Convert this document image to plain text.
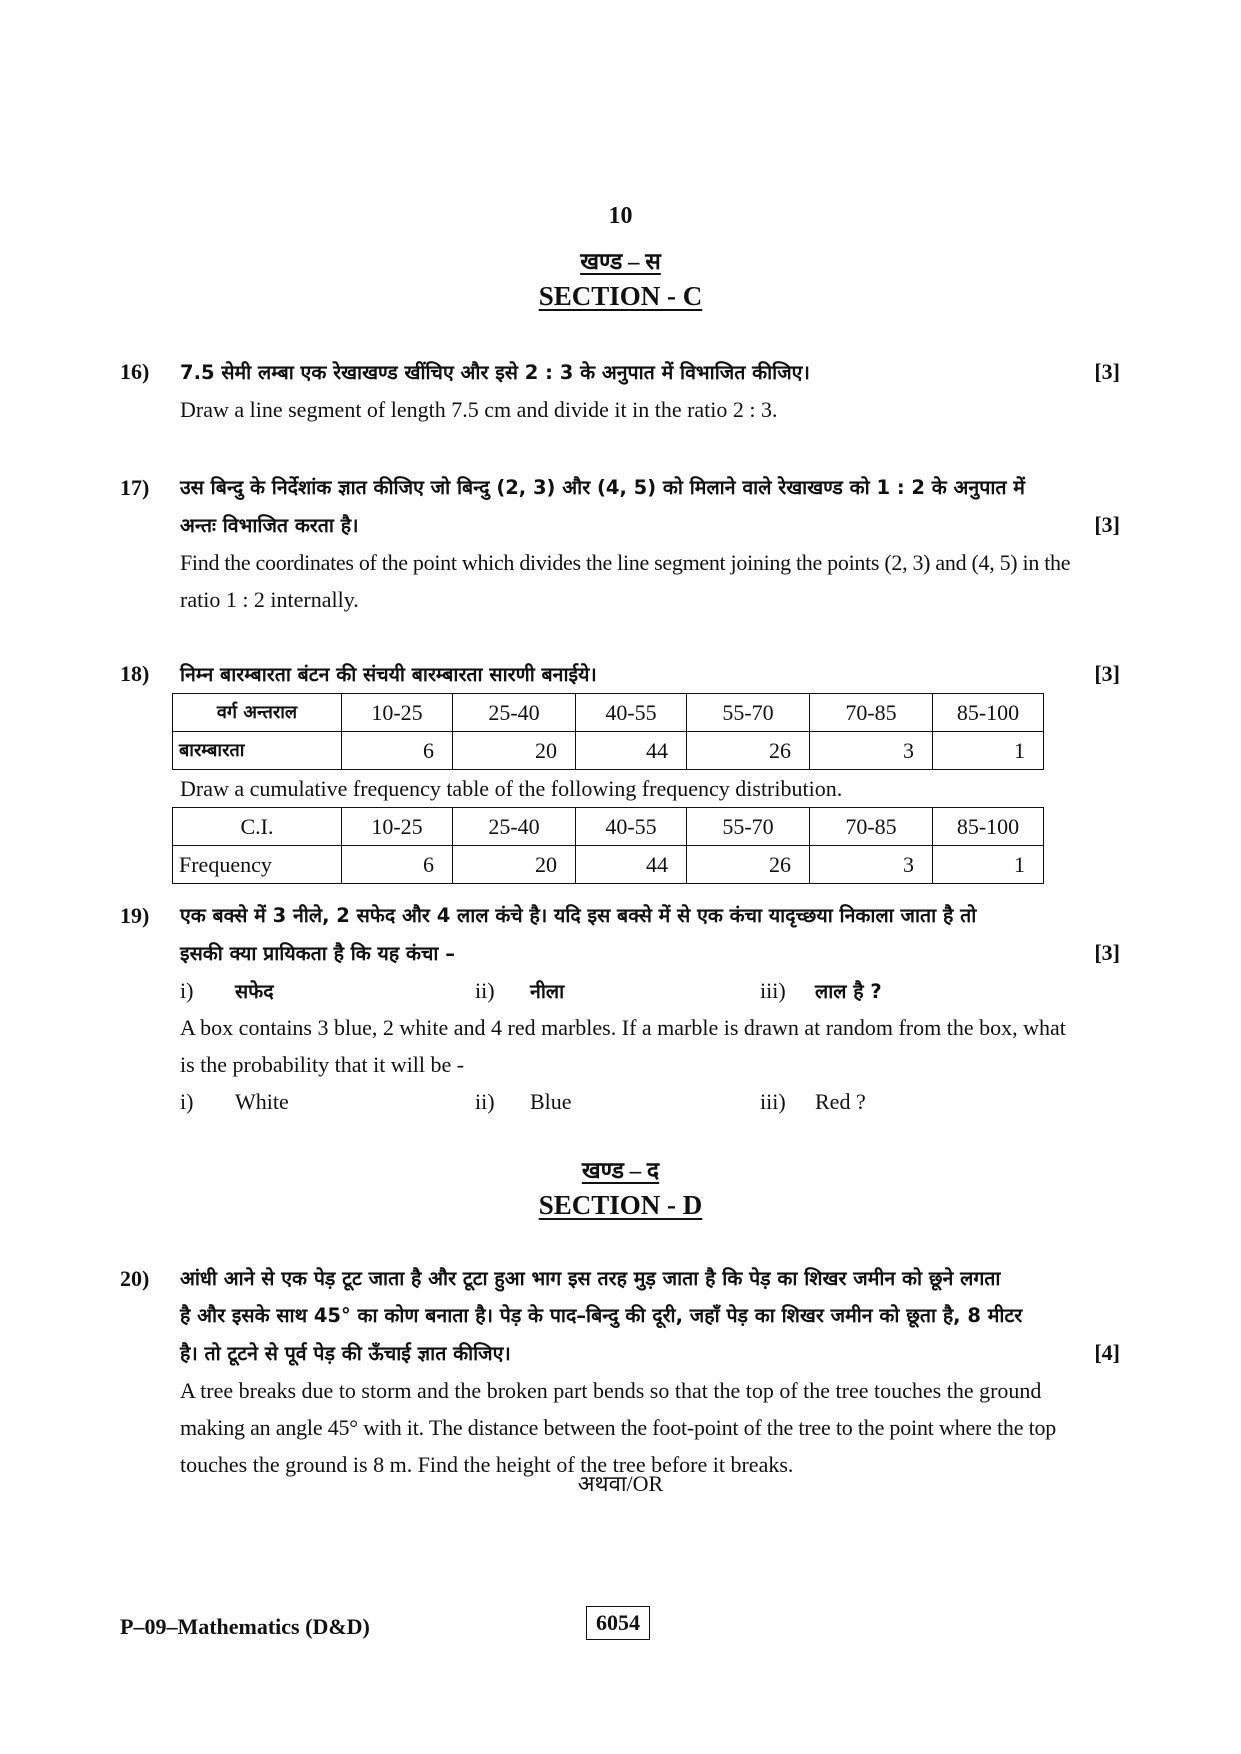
10
खण्ड – स
SECTION - C
16)	7.5 सेमी लम्बा एक रेखाखण्ड खींचिए और इसे 2 : 3 के अनुपात में विभाजित कीजिए।	[3]
Draw a line segment of length 7.5 cm and divide it in the ratio 2 : 3.
17)	उस बिन्दु के निर्देशांक ज्ञात कीजिए जो बिन्दु (2, 3) और (4, 5) को मिलाने वाले रेखाखण्ड को 1 : 2 के अनुपात में
अन्तः विभाजित करता है।	[3]
Find the coordinates of the point which divides the line segment joining the points (2, 3) and (4, 5) in the
ratio 1 : 2 internally.
18)	निम्न बारम्बारता बंटन की संचयी बारम्बारता सारणी बनाईये।	[3]
वर्ग अन्तराल	10-25	25-40	40-55	55-70	70-85	85-100
बारम्बारता	6	20	44	26	3	1
Draw a cumulative frequency table of the following frequency distribution.
C.I.	10-25	25-40	40-55	55-70	70-85	85-100
Frequency	6	20	44	26	3	1
19)	एक बक्से में 3 नीले, 2 सफेद और 4 लाल कंचे है। यदि इस बक्से में से एक कंचा यादृच्छया निकाला जाता है तो
इसकी क्या प्रायिकता है कि यह कंचा –	[3]
i) सफेद	ii) नीला	iii) लाल है ?
A box contains 3 blue, 2 white and 4 red marbles. If a marble is drawn at random from the box, what
is the probability that it will be -
i) White	ii) Blue	iii) Red ?
खण्ड – द
SECTION - D
20)	आंधी आने से एक पेड़ टूट जाता है और टूटा हुआ भाग इस तरह मुड़ जाता है कि पेड़ का शिखर जमीन को छूने लगता
है और इसके साथ 45° का कोण बनाता है। पेड़ के पाद–बिन्दु की दूरी, जहाँ पेड़ का शिखर जमीन को छूता है, 8 मीटर
है। तो टूटने से पूर्व पेड़ की ऊँचाई ज्ञात कीजिए।	[4]
A tree breaks due to storm and the broken part bends so that the top of the tree touches the ground
making an angle 45° with it. The distance between the foot-point of the tree to the point where the top
touches the ground is 8 m. Find the height of the tree before it breaks.
अथवा/OR
P–09–Mathematics (D&D)	6054
